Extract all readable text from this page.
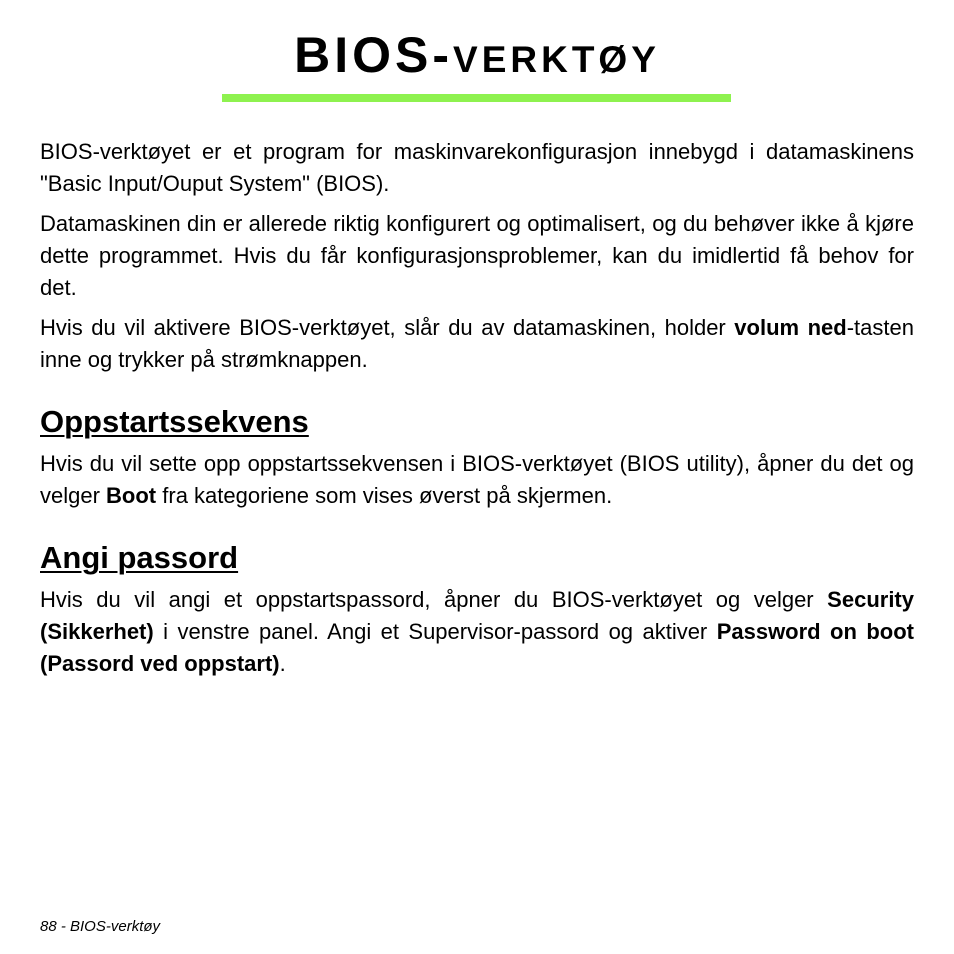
BIOS-VERKTØY

BIOS-verktøyet er et program for maskinvarekonfigurasjon innebygd i datamaskinens "Basic Input/Ouput System" (BIOS).

Datamaskinen din er allerede riktig konfigurert og optimalisert, og du behøver ikke å kjøre dette programmet. Hvis du får konfigurasjonsproblemer, kan du imidlertid få behov for det.

Hvis du vil aktivere BIOS-verktøyet, slår du av datamaskinen, holder volum ned-tasten inne og trykker på strømknappen.

Oppstartssekvens

Hvis du vil sette opp oppstartssekvensen i BIOS-verktøyet (BIOS utility), åpner du det og velger Boot fra kategoriene som vises øverst på skjermen.

Angi passord

Hvis du vil angi et oppstartspassord, åpner du BIOS-verktøyet og velger Security (Sikkerhet) i venstre panel. Angi et Supervisor-passord og aktiver Password on boot (Passord ved oppstart).

88 - BIOS-verktøy
